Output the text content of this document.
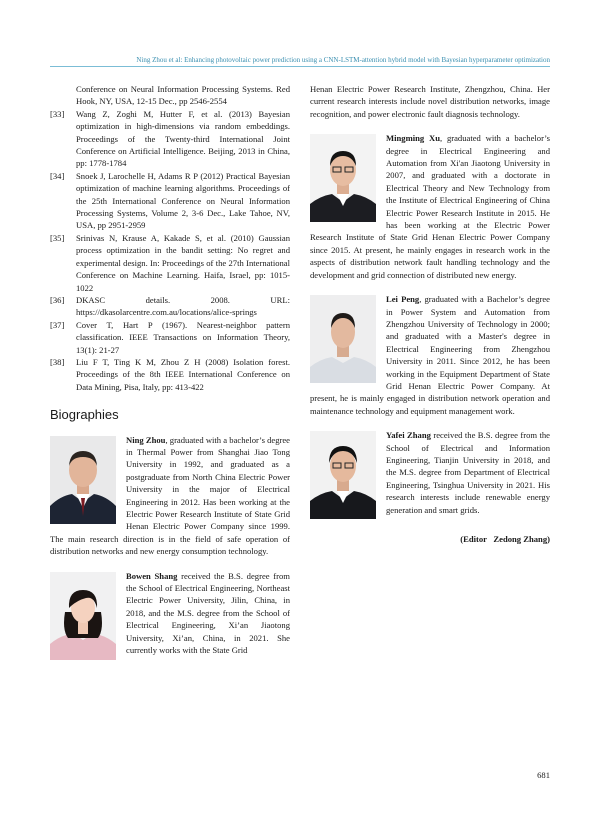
Ning Zhou et al: Enhancing photovoltaic power prediction using a CNN-LSTM-attention hybrid model with Bayesian hyperparameter optimization
Conference on Neural Information Processing Systems. Red Hook, NY, USA, 12-15 Dec., pp 2546-2554
[33] Wang Z, Zoghi M, Hutter F, et al. (2013) Bayesian optimization in high-dimensions via random embeddings. Proceedings of the Twenty-third International Joint Conference on Artificial Intelligence. Beijing, 2013 in China, pp: 1778-1784
[34] Snoek J, Larochelle H, Adams R P (2012) Practical Bayesian optimization of machine learning algorithms. Proceedings of the 25th International Conference on Neural Information Processing Systems, Volume 2, 3-6 Dec., Lake Tahoe, NV, USA, pp 2951-2959
[35] Srinivas N, Krause A, Kakade S, et al. (2010) Gaussian process optimization in the bandit setting: No regret and experimental design. In: Proceedings of the 27th International Conference on Machine Learning. Haifa, Israel, pp: 1015-1022
[36] DKASC details. 2008. URL: https://dkasolarcentre.com.au/locations/alice-springs
[37] Cover T, Hart P (1967). Nearest-neighbor pattern classification. IEEE Transactions on Information Theory, 13(1): 21-27
[38] Liu F T, Ting K M, Zhou Z H (2008) Isolation forest. Proceedings of the 8th IEEE International Conference on Data Mining, Pisa, Italy, pp: 413-422
Biographies
Ning Zhou, graduated with a bachelor’s degree in Thermal Power from Shanghai Jiao Tong University in 1992, and graduated as a postgraduate from North China Electric Power University in the major of Electrical Engineering in 2012. Has been working at the Electric Power Research Institute of State Grid Henan Electric Power Company since 1999. The main research direction is in the field of safe operation of distribution networks and new energy consumption technology.
Bowen Shang received the B.S. degree from the School of Electrical Engineering, Northeast Electric Power University, Jilin, China, in 2018, and the M.S. degree from the School of Electrical Engineering, Xi’an Jiaotong University, Xi’an, China, in 2021. She currently works with the State Grid
Henan Electric Power Research Institute, Zhengzhou, China. Her current research interests include novel distribution networks, image recognition, and power electronic fault diagnosis technology.
Mingming Xu, graduated with a bachelor’s degree in Electrical Engineering and Automation from Xi'an Jiaotong University in 2007, and graduated with a doctorate in Electrical Theory and New Technology from the Institute of Electrical Engineering of China Electric Power Research Institute in 2015. He has been working at the Electric Power Research Institute of State Grid Henan Electric Power Company since 2015. At present, he mainly engages in research work in the aspects of distribution network fault handling technology and the development and grid connection of distributed new energy.
Lei Peng, graduated with a Bachelor’s degree in Power System and Automation from Zhengzhou University of Technology in 2000; and graduated with a Master's degree in Electrical Engineering from Zhengzhou University in 2011. Since 2012, he has been working in the Equipment Department of State Grid Henan Electric Power Company. At present, he is mainly engaged in distribution network operation and maintenance technology and equipment management work.
Yafei Zhang received the B.S. degree from the School of Electrical and Information Engineering, Tianjin University in 2018, and the M.S. degree from Department of Electrical Engineering, Tsinghua University in 2021. His research interests include renewable energy generation and smart grids.
(Editor   Zedong Zhang)
681
